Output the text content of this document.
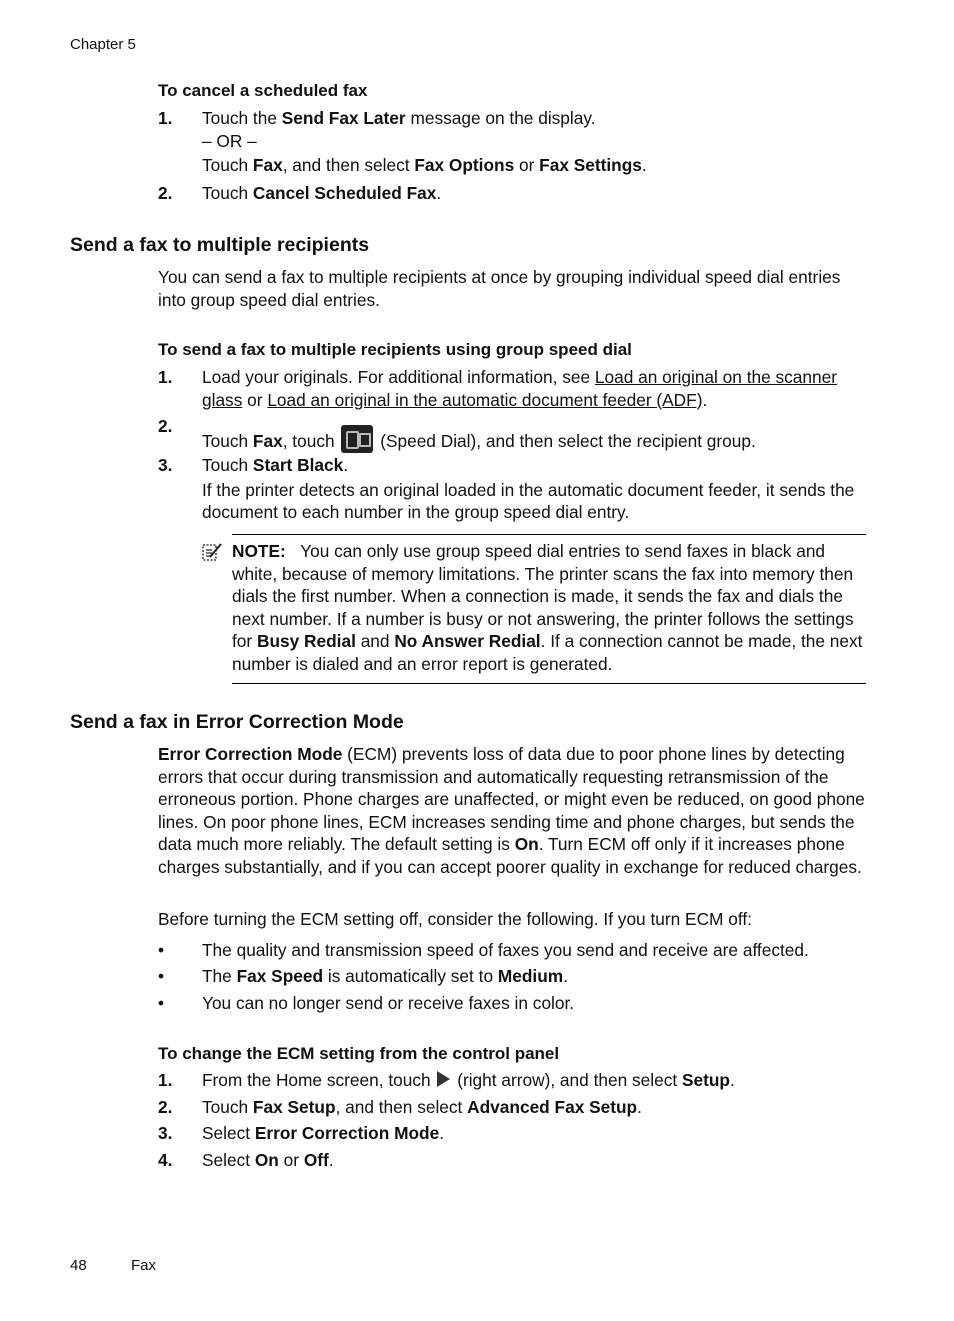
Chapter 5
To cancel a scheduled fax
1. Touch the Send Fax Later message on the display.
– OR –
Touch Fax, and then select Fax Options or Fax Settings.
2. Touch Cancel Scheduled Fax.
Send a fax to multiple recipients
You can send a fax to multiple recipients at once by grouping individual speed dial entries into group speed dial entries.
To send a fax to multiple recipients using group speed dial
1. Load your originals. For additional information, see Load an original on the scanner glass or Load an original in the automatic document feeder (ADF).
2.
Touch Fax, touch  (Speed Dial), and then select the recipient group.
3. Touch Start Black.
If the printer detects an original loaded in the automatic document feeder, it sends the document to each number in the group speed dial entry.
NOTE: You can only use group speed dial entries to send faxes in black and white, because of memory limitations. The printer scans the fax into memory then dials the first number. When a connection is made, it sends the fax and dials the next number. If a number is busy or not answering, the printer follows the settings for Busy Redial and No Answer Redial. If a connection cannot be made, the next number is dialed and an error report is generated.
Send a fax in Error Correction Mode
Error Correction Mode (ECM) prevents loss of data due to poor phone lines by detecting errors that occur during transmission and automatically requesting retransmission of the erroneous portion. Phone charges are unaffected, or might even be reduced, on good phone lines. On poor phone lines, ECM increases sending time and phone charges, but sends the data much more reliably. The default setting is On. Turn ECM off only if it increases phone charges substantially, and if you can accept poorer quality in exchange for reduced charges.
Before turning the ECM setting off, consider the following. If you turn ECM off:
• The quality and transmission speed of faxes you send and receive are affected.
• The Fax Speed is automatically set to Medium.
• You can no longer send or receive faxes in color.
To change the ECM setting from the control panel
1. From the Home screen, touch  (right arrow), and then select Setup.
2. Touch Fax Setup, and then select Advanced Fax Setup.
3. Select Error Correction Mode.
4. Select On or Off.
48	Fax
